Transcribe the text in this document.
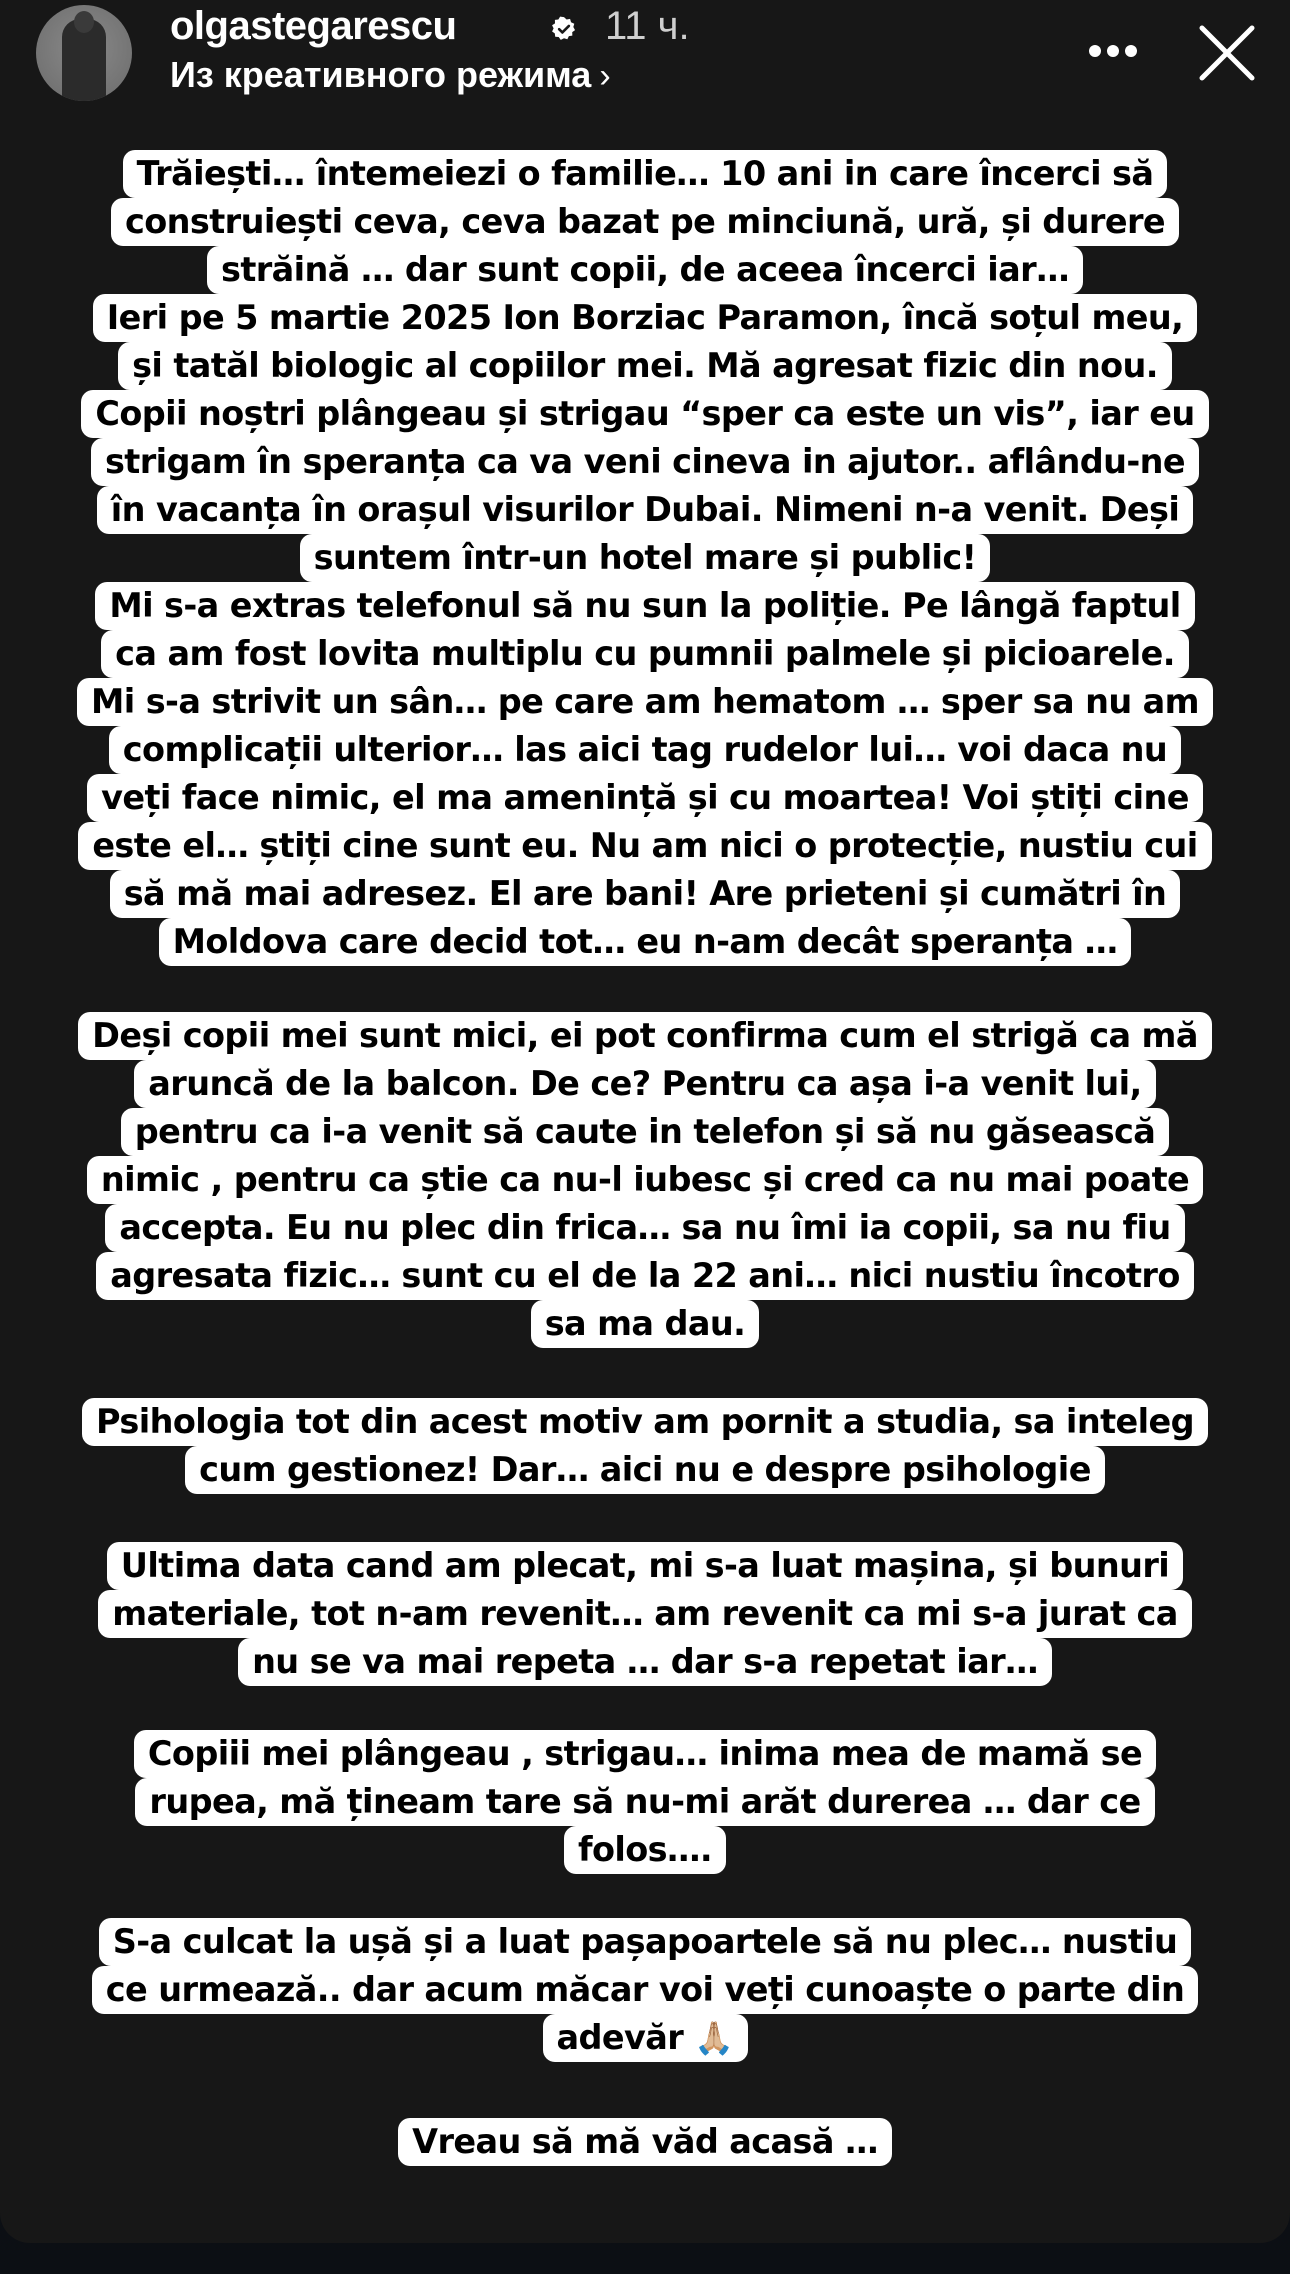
olgastegarescu	11 ч.
Из креативного режима ›
Trăiești… întemeiezi o familie… 10 ani in care încerci să
construiești ceva, ceva bazat pe minciună, ură, și durere
străină … dar sunt copii, de aceea încerci iar…
Ieri pe 5 martie 2025 Ion Borziac Paramon, încă soțul meu,
și tatăl biologic al copiilor mei. Mă agresat fizic din nou.
Copii noștri plângeau și strigau “sper ca este un vis”, iar eu
strigam în speranța ca va veni cineva in ajutor.. aflându-ne
în vacanța în orașul visurilor Dubai. Nimeni n-a venit. Deși
suntem într-un hotel mare și public!
Mi s-a extras telefonul să nu sun la poliție. Pe lângă faptul
ca am fost lovita multiplu cu pumnii palmele și picioarele.
Mi s-a strivit un sân… pe care am hematom … sper sa nu am
complicații ulterior… las aici tag rudelor lui… voi daca nu
veți face nimic, el ma amenință și cu moartea! Voi știți cine
este el… știți cine sunt eu. Nu am nici o protecție, nustiu cui
să mă mai adresez. El are bani! Are prieteni și cumătri în
Moldova care decid tot… eu n-am decât speranța …
Deși copii mei sunt mici, ei pot confirma cum el strigă ca mă
aruncă de la balcon. De ce? Pentru ca așa i-a venit lui,
pentru ca i-a venit să caute in telefon și să nu găsească
nimic , pentru ca știe ca nu-l iubesc și cred ca nu mai poate
accepta. Eu nu plec din frica… sa nu îmi ia copii, sa nu fiu
agresata fizic… sunt cu el de la 22 ani… nici nustiu încotro
sa ma dau.
Psihologia tot din acest motiv am pornit a studia, sa inteleg
cum gestionez! Dar… aici nu e despre psihologie
Ultima data cand am plecat, mi s-a luat mașina, și bunuri
materiale, tot n-am revenit… am revenit ca mi s-a jurat ca
nu se va mai repeta … dar s-a repetat iar…
Copiii mei plângeau , strigau… inima mea de mamă se
rupea, mă țineam tare să nu-mi arăt durerea … dar ce
folos….
S-a culcat la ușă și a luat pașapoartele să nu plec… nustiu
ce urmează.. dar acum măcar voi veți cunoaște o parte din
adevăr 🙏🏼
Vreau să mă văd acasă …
